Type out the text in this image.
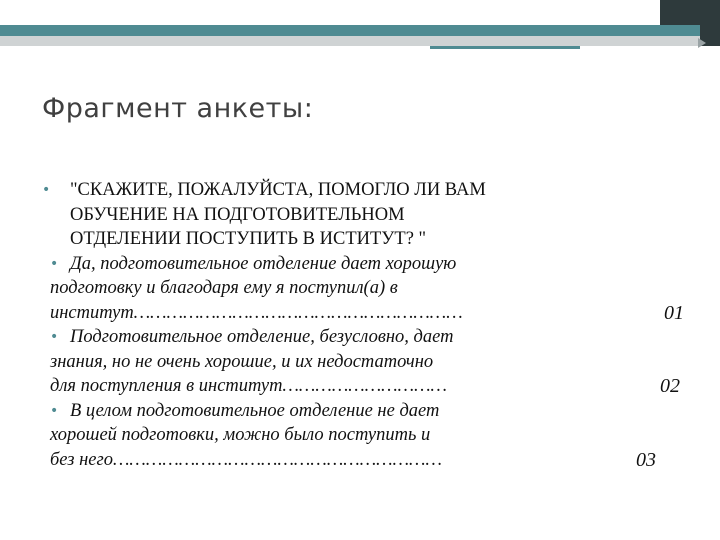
Фрагмент анкеты:
• "СКАЖИТЕ, ПОЖАЛУЙСТА, ПОМОГЛО ЛИ ВАМ
ОБУЧЕНИЕ НА ПОДГОТОВИТЕЛЬНОМ
ОТДЕЛЕНИИ ПОСТУПИТЬ В ИСТИТУТ? "
• Да, подготовительное отделение дает хорошую
подготовку и благодаря ему я поступил(а) в
институт……………………………………………………	01
• Подготовительное отделение, безусловно, дает
знания, но не очень хорошие, и их недостаточно
для поступления в институт…………………………	02
• В целом подготовительное отделение не дает
хорошей подготовки, можно было поступить и
без него……………………………………………………	03
